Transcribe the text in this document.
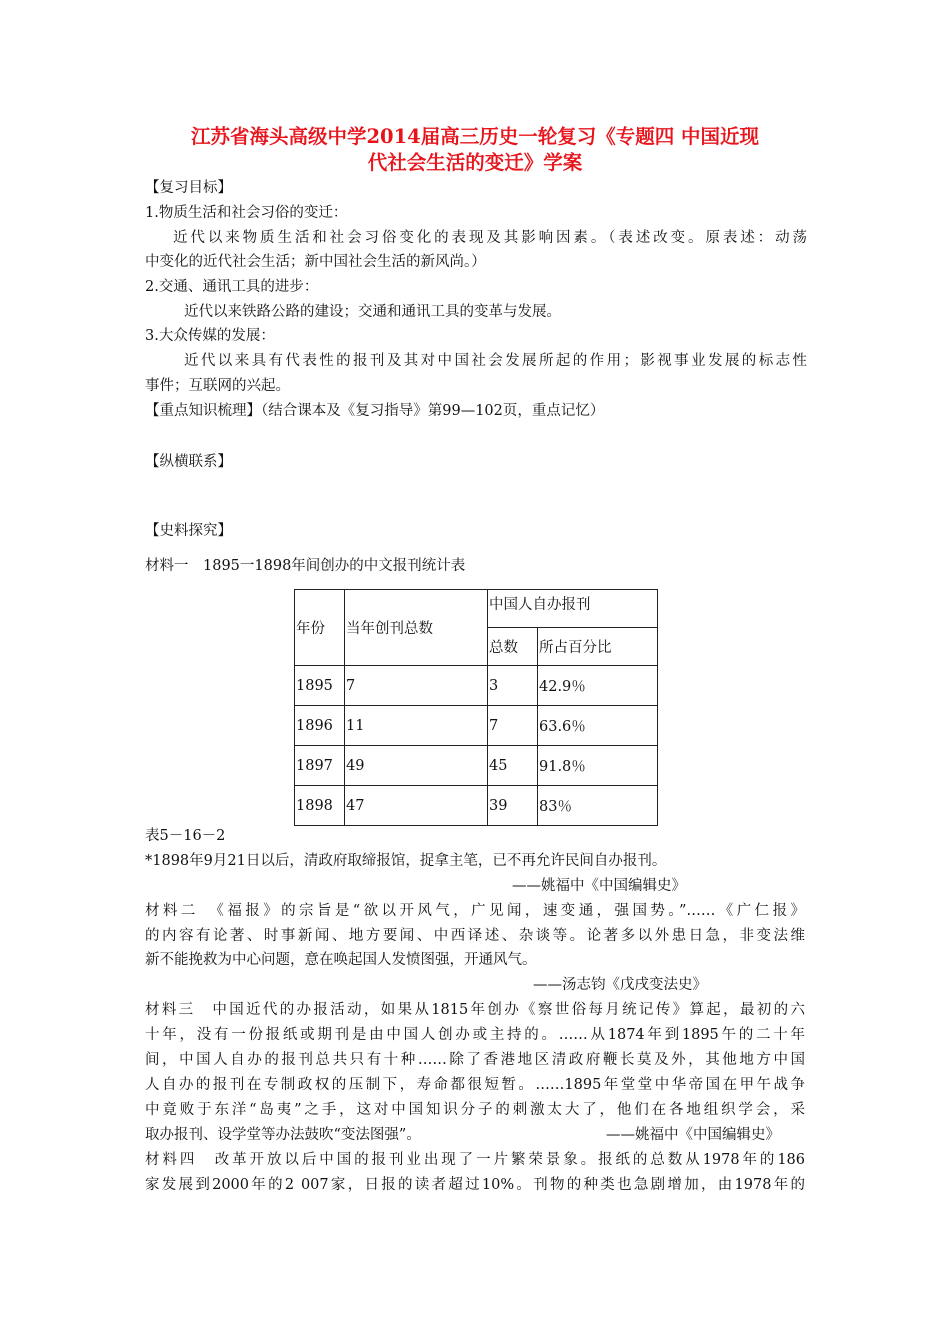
江苏省海头高级中学2014届高三历史一轮复习《专题四 中国近现
代社会生活的变迁》学案
【复习目标】
1.物质生活和社会习俗的变迁：
近代以来物质生活和社会习俗变化的表现及其影响因素。（表述改变。原表述：动荡
中变化的近代社会生活；新中国社会生活的新风尚。）
2.交通、通讯工具的进步：
近代以来铁路公路的建设；交通和通讯工具的变革与发展。
3.大众传媒的发展：
近代以来具有代表性的报刊及其对中国社会发展所起的作用；影视事业发展的标志性
事件；互联网的兴起。
【重点知识梳理】（结合课本及《复习指导》第99—102页，重点记忆）
【纵横联系】
【史料探究】
材料一　1895一1898年间创办的中文报刊统计表
年份	当年创刊总数	中国人自办报刊	
		总数	所占百分比
1895	7	3	42.9％
1896	11	7	63.6％
1897	49	45	91.8％
1898	47	39	83％
表5－16－2
*1898年9月21日以后，清政府取缔报馆，捉拿主笔，已不再允许民间自办报刊。
——姚福中《中国编辑史》
材料二　《福报》的宗旨是“欲以开风气，广见闻，速变通，强国势。”……《广仁报》
的内容有论著、时事新闻、地方要闻、中西译述、杂谈等。论著多以外患日急，非变法维
新不能挽救为中心问题，意在唤起国人发愤图强，开通风气。
——汤志钧《戊戌变法史》
材料三　中国近代的办报活动，如果从1815年创办《察世俗每月统记传》算起，最初的六
十年，没有一份报纸或期刊是由中国人创办或主持的。……从1874年到1895午的二十年
间，中国人自办的报刊总共只有十种……除了香港地区清政府鞭长莫及外，其他地方中国
人自办的报刊在专制政权的压制下，寿命都很短暂。……1895年堂堂中华帝国在甲午战争
中竟败于东洋“岛夷”之手，这对中国知识分子的刺激太大了，他们在各地组织学会，采
取办报刊、设学堂等办法鼓吹“变法图强”。	——姚福中《中国编辑史》
材料四　改革开放以后中国的报刊业出现了一片繁荣景象。报纸的总数从1978年的186
家发展到2000年的2 007家，日报的读者超过10%。刊物的种类也急剧增加，由1978年的
